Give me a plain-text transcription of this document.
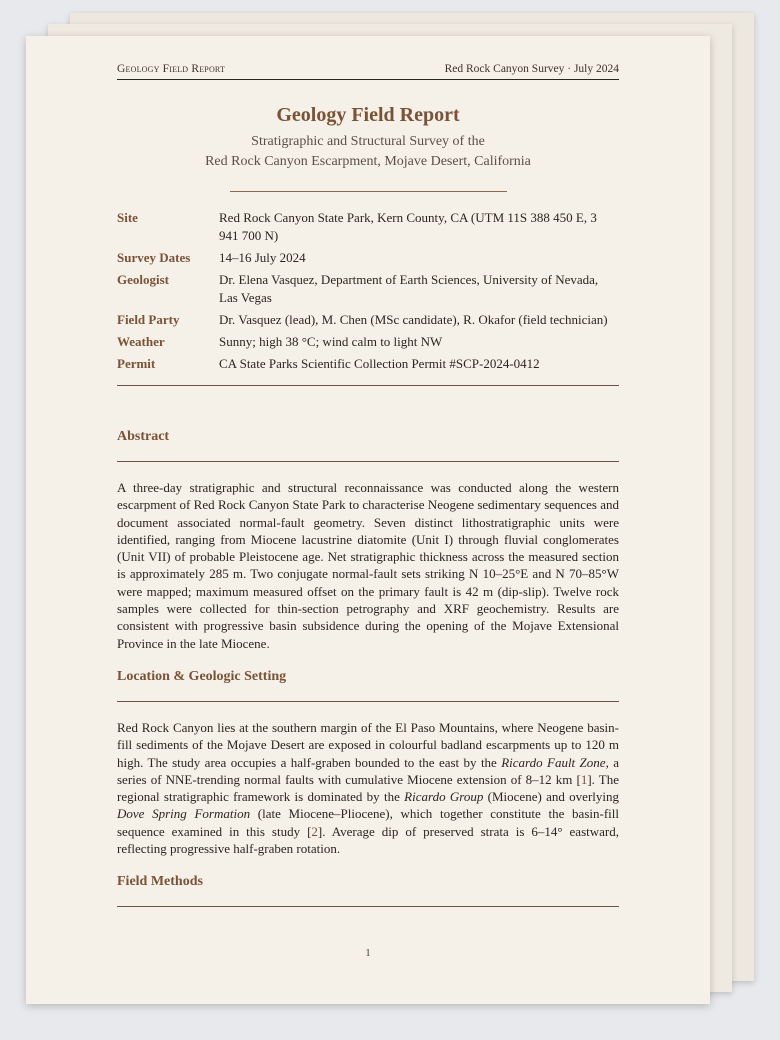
Geology Field Report	Red Rock Canyon Survey · July 2024
Geology Field Report
Stratigraphic and Structural Survey of the
Red Rock Canyon Escarpment, Mojave Desert, California
Site	Red Rock Canyon State Park, Kern County, CA (UTM 11S 388 450 E, 3 941 700 N)
Survey Dates	14–16 July 2024
Geologist	Dr. Elena Vasquez, Department of Earth Sciences, University of Nevada, Las Vegas
Field Party	Dr. Vasquez (lead), M. Chen (MSc candidate), R. Okafor (field technician)
Weather	Sunny; high 38 °C; wind calm to light NW
Permit	CA State Parks Scientific Collection Permit #SCP-2024-0412
Abstract
A three-day stratigraphic and structural reconnaissance was conducted along the western escarpment of Red Rock Canyon State Park to characterise Neogene sedimentary sequences and document associated normal-fault geometry. Seven distinct lithostratigraphic units were identified, ranging from Miocene lacustrine diatomite (Unit I) through fluvial conglomerates (Unit VII) of probable Pleistocene age. Net stratigraphic thickness across the measured section is approximately 285 m. Two conjugate normal-fault sets striking N 10–25°E and N 70–85°W were mapped; maximum measured offset on the primary fault is 42 m (dip-slip). Twelve rock samples were collected for thin-section petrography and XRF geochemistry. Results are consistent with progressive basin subsidence during the opening of the Mojave Extensional Province in the late Miocene.
Location & Geologic Setting
Red Rock Canyon lies at the southern margin of the El Paso Mountains, where Neogene basin-fill sediments of the Mojave Desert are exposed in colourful badland escarpments up to 120 m high. The study area occupies a half-graben bounded to the east by the Ricardo Fault Zone, a series of NNE-trending normal faults with cumulative Miocene extension of 8–12 km [1]. The regional stratigraphic framework is dominated by the Ricardo Group (Miocene) and overlying Dove Spring Formation (late Miocene–Pliocene), which together constitute the basin-fill sequence examined in this study [2]. Average dip of preserved strata is 6–14° eastward, reflecting progressive half-graben rotation.
Field Methods
1
